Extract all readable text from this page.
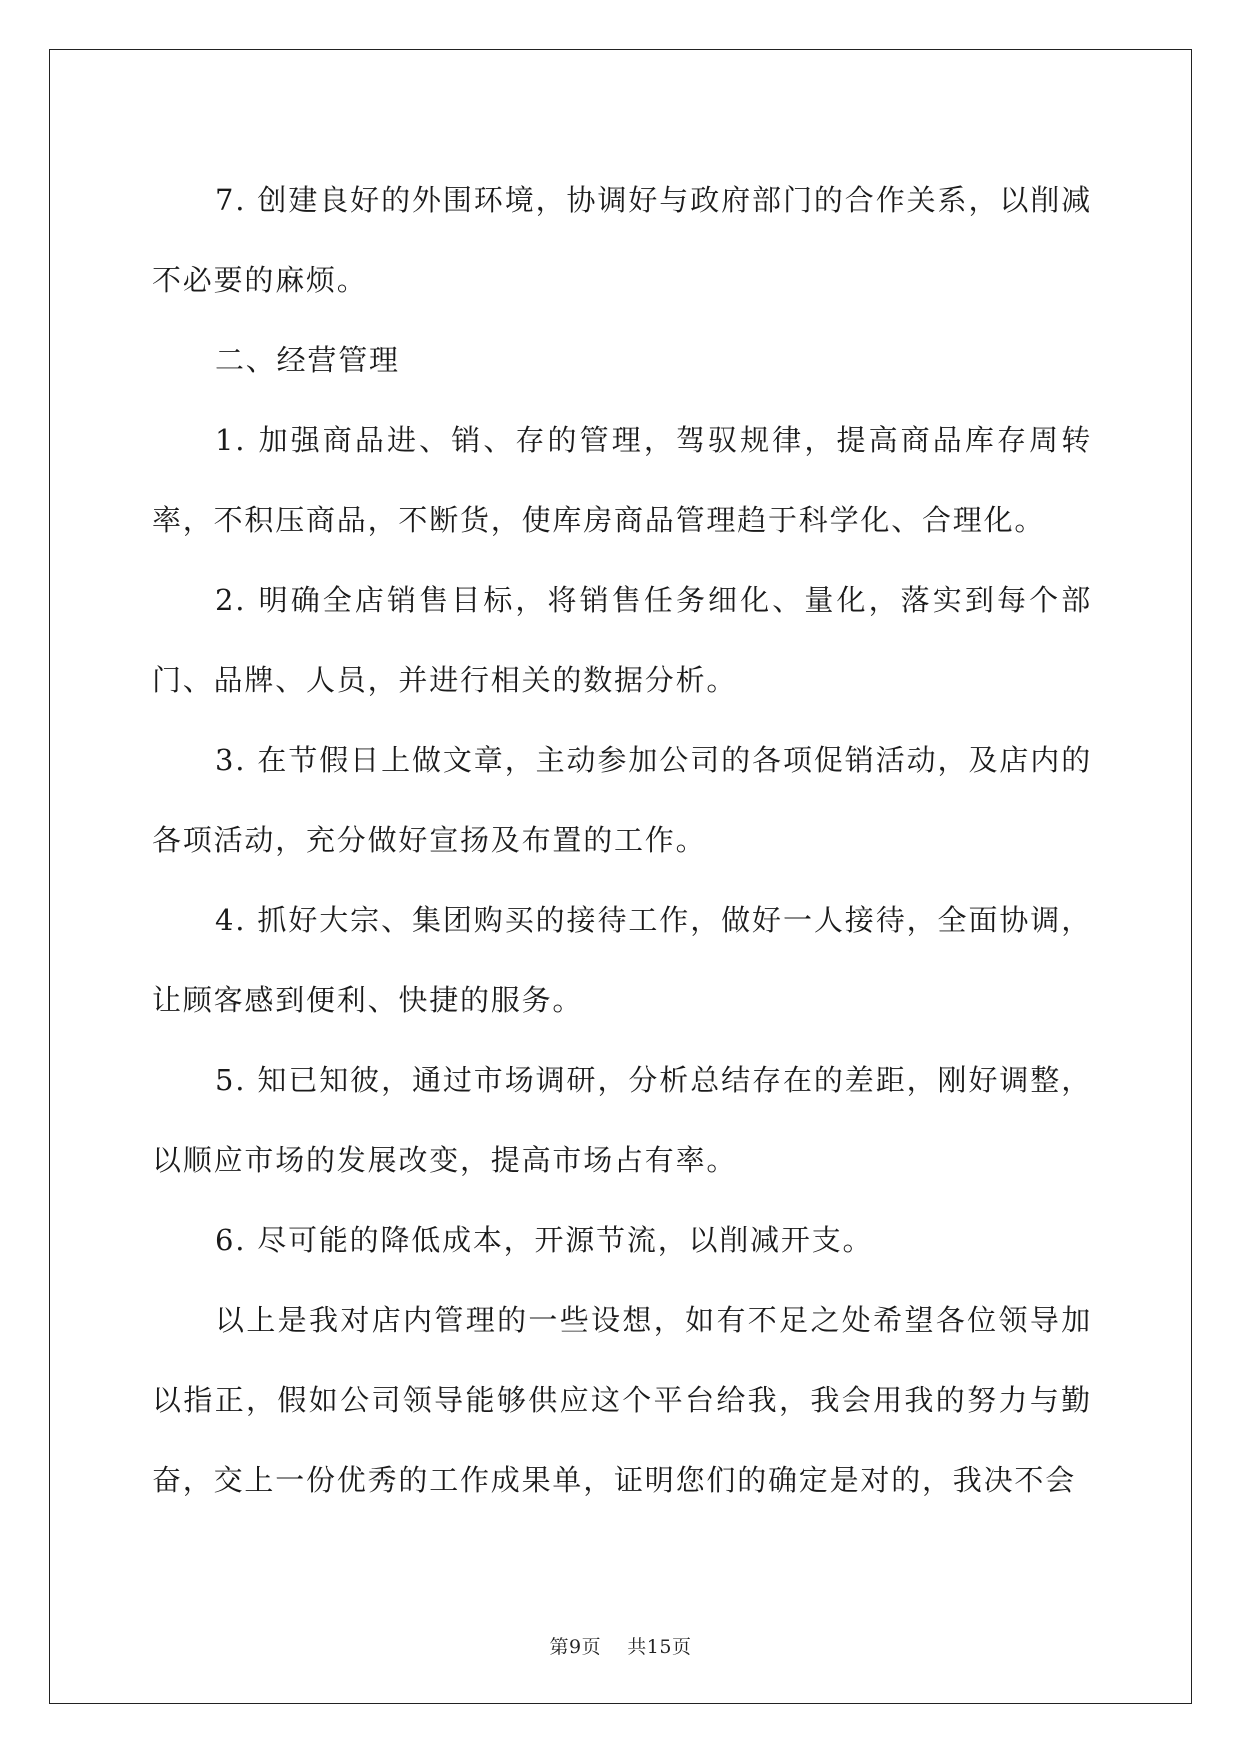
7. 创建良好的外围环境，协调好与政府部门的合作关系，以削减不必要的麻烦。

二、经营管理

1. 加强商品进、销、存的管理，驾驭规律，提高商品库存周转率，不积压商品，不断货，使库房商品管理趋于科学化、合理化。

2. 明确全店销售目标，将销售任务细化、量化，落实到每个部门、品牌、人员，并进行相关的数据分析。

3. 在节假日上做文章，主动参加公司的各项促销活动，及店内的各项活动，充分做好宣扬及布置的工作。

4. 抓好大宗、集团购买的接待工作，做好一人接待，全面协调，让顾客感到便利、快捷的服务。

5. 知已知彼，通过市场调研，分析总结存在的差距，刚好调整，以顺应市场的发展改变，提高市场占有率。

6. 尽可能的降低成本，开源节流，以削减开支。

以上是我对店内管理的一些设想，如有不足之处希望各位领导加以指正，假如公司领导能够供应这个平台给我，我会用我的努力与勤奋，交上一份优秀的工作成果单，证明您们的确定是对的，我决不会

第9页 共15页
